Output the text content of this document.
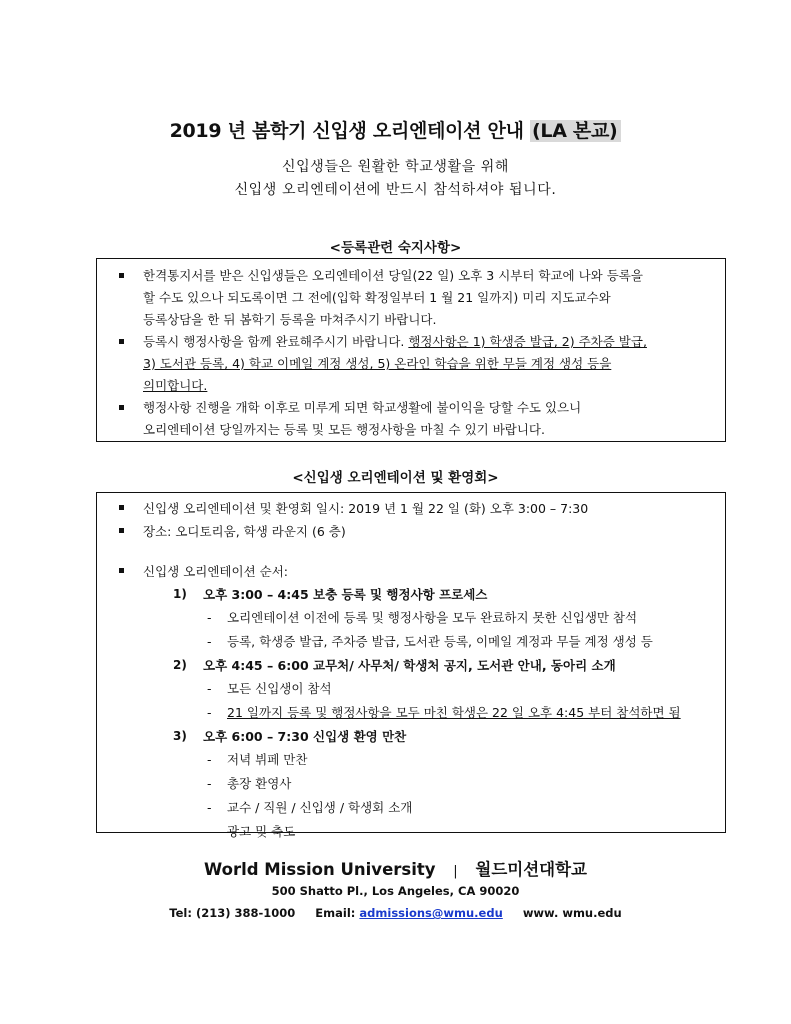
2019 년 봄학기 신입생 오리엔테이션 안내 (LA 본교)
신입생들은 원활한 학교생활을 위해
신입생 오리엔테이션에 반드시 참석하셔야 됩니다.
<등록관련 숙지사항>
한격통지서를 받은 신입생들은 오리엔테이션 당일(22 일) 오후 3 시부터 학교에 나와 등록을
할 수도 있으나 되도록이면 그 전에(입학 확정일부터 1 월 21 일까지) 미리 지도교수와
등록상담을 한 뒤 봄학기 등록을 마쳐주시기 바랍니다.
등록시 행정사항을 함께 완료해주시기 바랍니다. 행정사항은 1) 학생증 발급, 2) 주차증 발급,
3) 도서관 등록, 4) 학교 이메일 계정 생성, 5) 온라인 학습을 위한 무들 계정 생성 등을
의미합니다.
행정사항 진행을 개학 이후로 미루게 되면 학교생활에 불이익을 당할 수도 있으니
오리엔테이션 당일까지는 등록 및 모든 행정사항을 마칠 수 있기 바랍니다.
<신입생 오리엔테이션 및 환영회>
신입생 오리엔테이션 및 환영회 일시: 2019 년 1 월 22 일 (화) 오후 3:00 – 7:30
장소: 오디토리움, 학생 라운지 (6 층)
신입생 오리엔테이션 순서:
1) 오후 3:00 – 4:45 보충 등록 및 행정사항 프로세스
- 오리엔테이션 이전에 등록 및 행정사항을 모두 완료하지 못한 신입생만 참석
- 등록, 학생증 발급, 주차증 발급, 도서관 등록, 이메일 계정과 무들 계정 생성 등
2) 오후 4:45 – 6:00 교무처/ 사무처/ 학생처 공지, 도서관 안내, 동아리 소개
- 모든 신입생이 참석
- 21 일까지 등록 및 행정사항을 모두 마친 학생은 22 일 오후 4:45 부터 참석하면 됨
3) 오후 6:00 – 7:30 신입생 환영 만찬
- 저녁 뷔페 만찬
- 총장 환영사
- 교수 / 직원 / 신입생 / 학생회 소개
- 광고 및 축도
World Mission University | 월드미션대학교
500 Shatto Pl., Los Angeles, CA 90020
Tel: (213) 388-1000 Email: admissions@wmu.edu www. wmu.edu
